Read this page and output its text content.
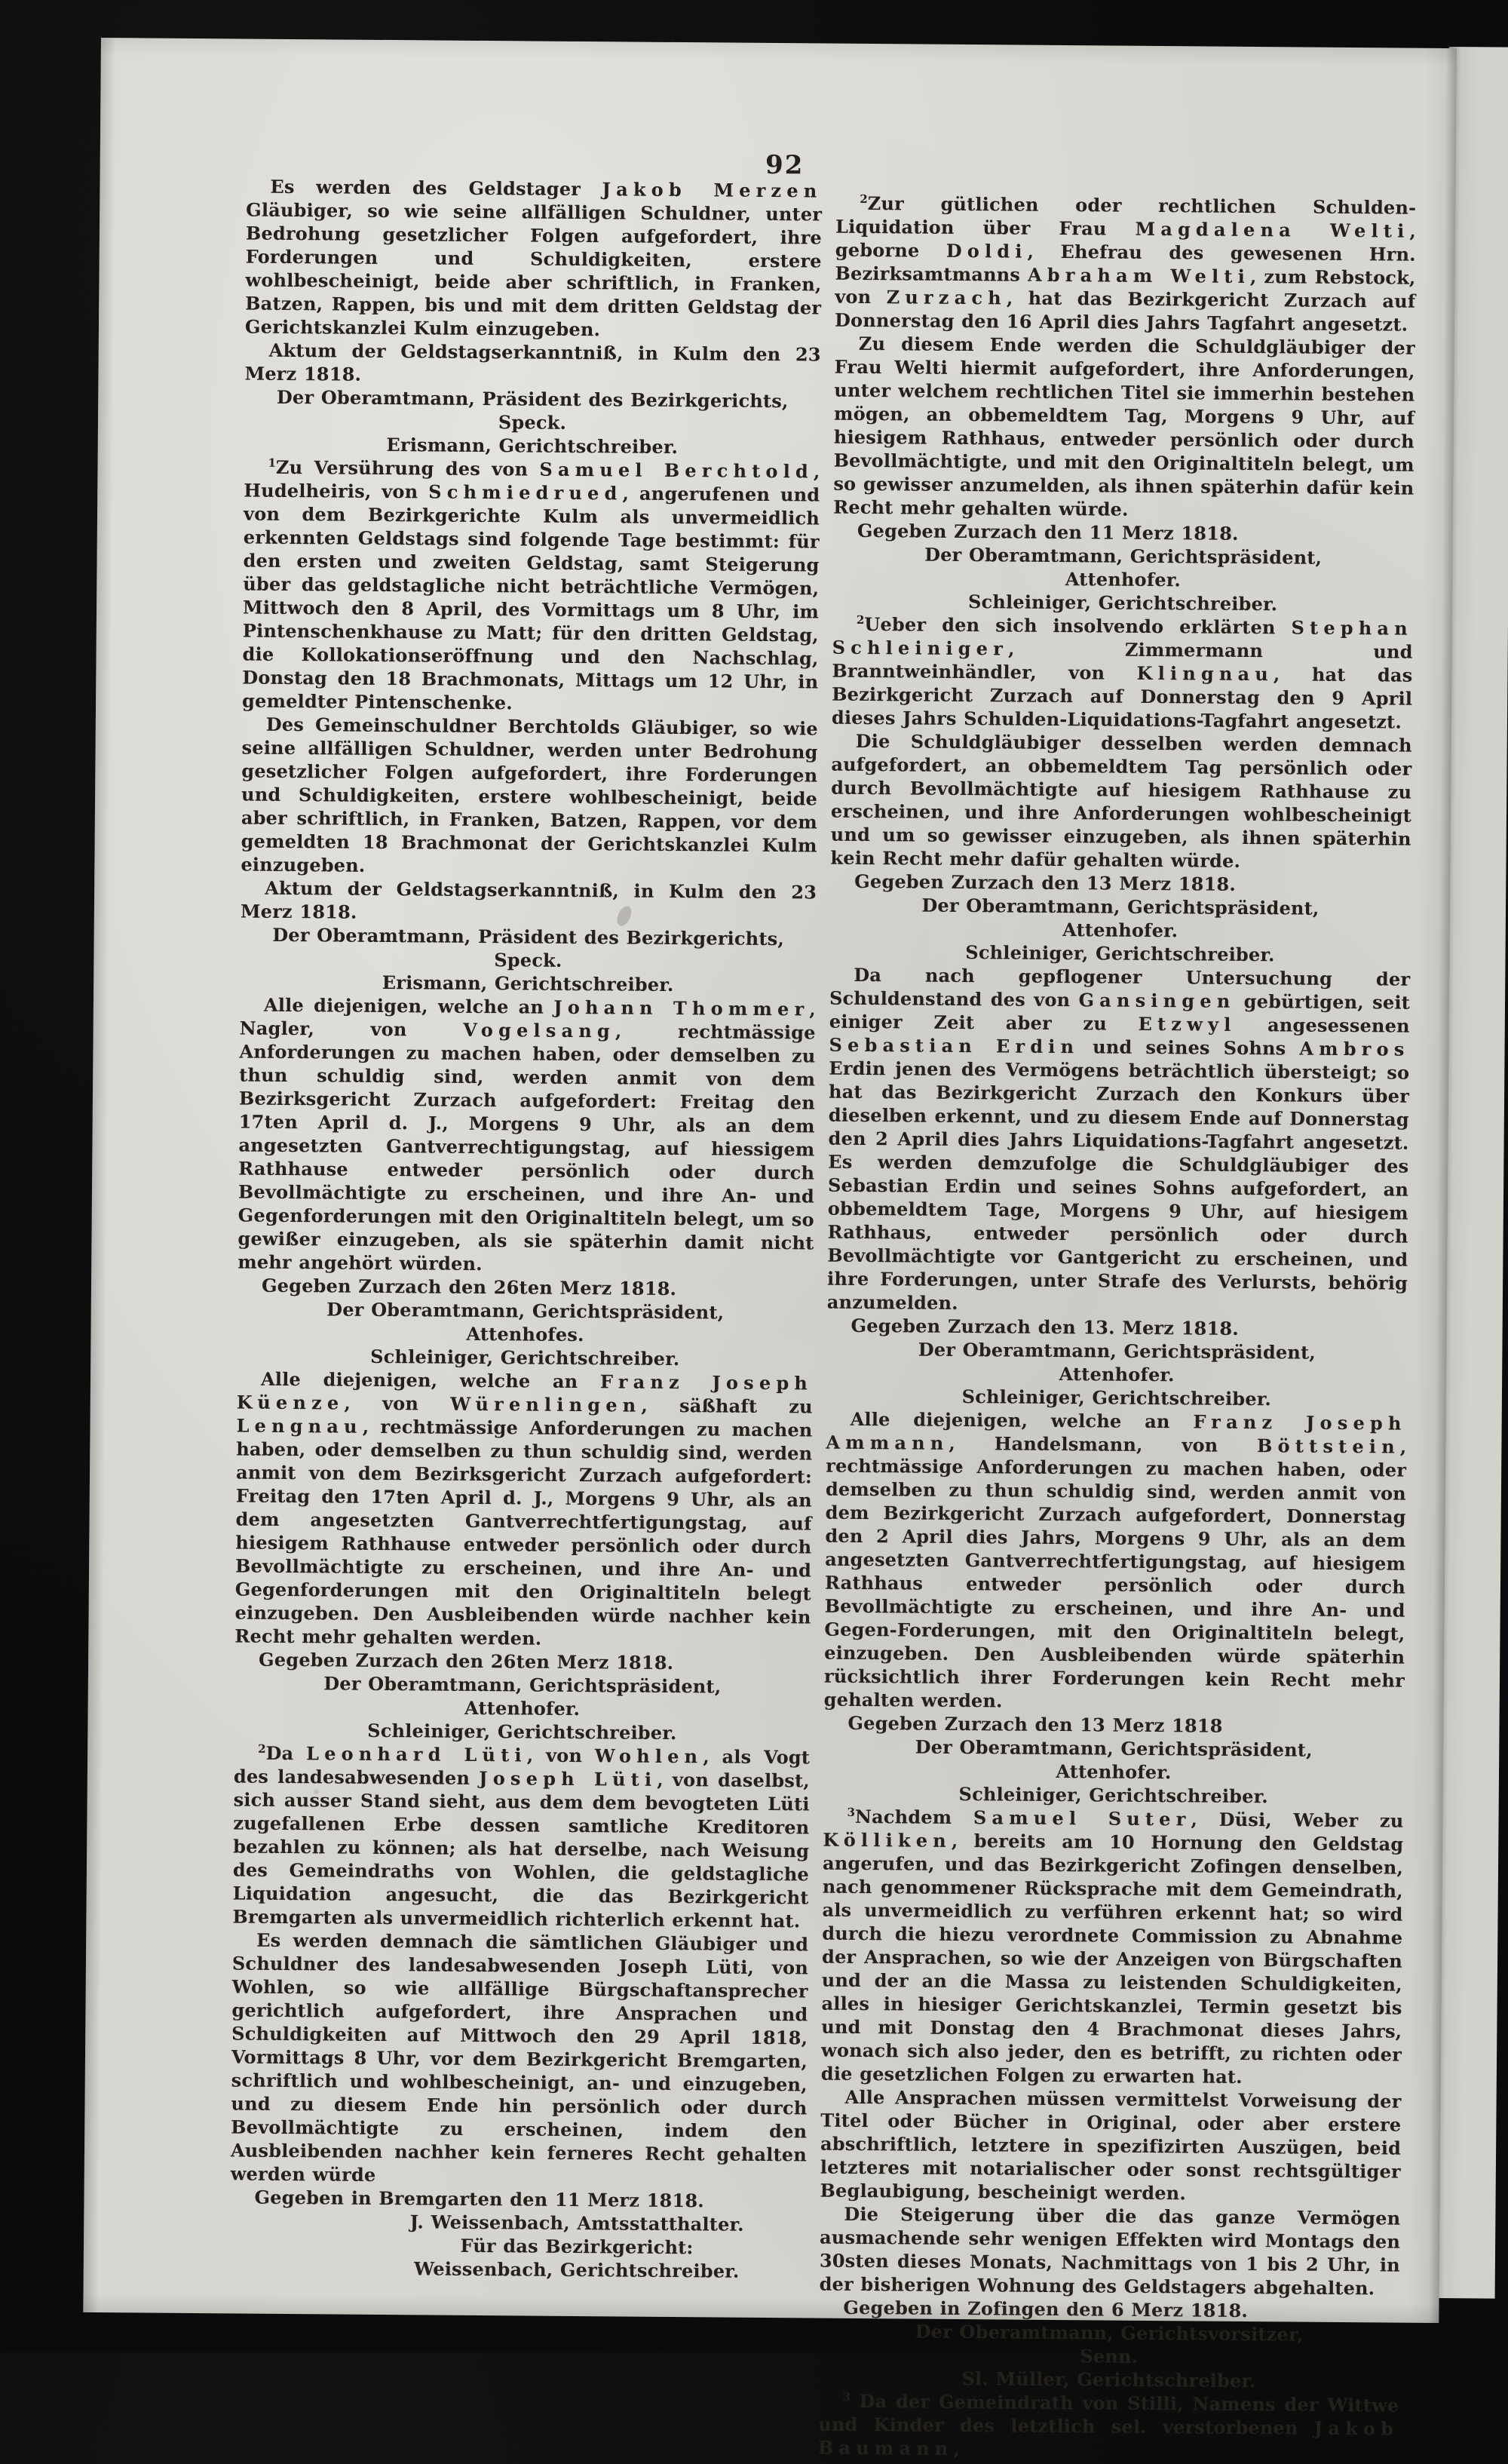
92

Es werden des Geldstager Jakob Merzen Gläubiger, so wie seine allfälligen Schuldner, unter Bedrohung gesetzlicher Folgen aufgefordert, ihre Forderungen und Schuldigkeiten, erstere wohlbescheinigt, beide aber schriftlich, in Franken, Batzen, Rappen, bis und mit dem dritten Geldstag der Gerichtskanzlei Kulm einzugeben.

Aktum der Geldstagserkanntniß, in Kulm den 23 Merz 1818.

Der Oberamtmann, Präsident des Bezirkgerichts,
Speck.
Erismann, Gerichtschreiber.

$^1$Zu Versührung des von Samuel Berchtold, Hudelheiris, von Schmiedrued, angerufenen und von dem Bezirkgerichte Kulm als unvermeidlich erkennten Geldstags sind folgende Tage bestimmt: für den ersten und zweiten Geldstag, samt Steigerung über das geldstagliche nicht beträchtliche Vermögen, Mittwoch den 8 April, des Vormittags um 8 Uhr, im Pintenschenkhause zu Matt; für den dritten Geldstag, die Kollokationseröffnung und den Nachschlag, Donstag den 18 Brachmonats, Mittags um 12 Uhr, in gemeldter Pintenschenke.

Des Gemeinschuldner Berchtolds Gläubiger, so wie seine allfälligen Schuldner, werden unter Bedrohung gesetzlicher Folgen aufgefordert, ihre Forderungen und Schuldigkeiten, erstere wohlbescheinigt, beide aber schriftlich, in Franken, Batzen, Rappen, vor dem gemeldten 18 Brachmonat der Gerichtskanzlei Kulm einzugeben.

Aktum der Geldstagserkanntniß, in Kulm den 23 Merz 1818.

Der Oberamtmann, Präsident des Bezirkgerichts,
Speck.
Erismann, Gerichtschreiber.

Alle diejenigen, welche an Johann Thommer, Nagler, von Vogelsang, rechtmässige Anforderungen zu machen haben, oder demselben zu thun schuldig sind, werden anmit von dem Bezirksgericht Zurzach aufgefordert: Freitag den 17ten April d. J., Morgens 9 Uhr, als an dem angesetzten Gantverrechtigungstag, auf hiessigem Rathhause entweder persönlich oder durch Bevollmächtigte zu erscheinen, und ihre An- und Gegenforderungen mit den Originaltiteln belegt, um so gewißer einzugeben, als sie späterhin damit nicht mehr angehört würden.

Gegeben Zurzach den 26ten Merz 1818.

Der Oberamtmann, Gerichtspräsident,
Attenhofes.
Schleiniger, Gerichtschreiber.

Alle diejenigen, welche an Franz Joseph Küenze, von Würenlingen, säßhaft zu Lengnau, rechtmässige Anforderungen zu machen haben, oder demselben zu thun schuldig sind, werden anmit von dem Bezirksgericht Zurzach aufgefordert: Freitag den 17ten April d. J., Morgens 9 Uhr, als an dem angesetzten Gantverrechtfertigungstag, auf hiesigem Rathhause entweder persönlich oder durch Bevollmächtigte zu erscheinen, und ihre An- und Gegenforderungen mit den Originaltiteln belegt einzugeben. Den Ausbleibenden würde nachher kein Recht mehr gehalten werden.

Gegeben Zurzach den 26ten Merz 1818.

Der Oberamtmann, Gerichtspräsident,
Attenhofer.
Schleiniger, Gerichtschreiber.

$^2$Da Leonhard Lüti, von Wohlen, als Vogt des landesabwesenden Joseph Lüti, von daselbst, sich ausser Stand sieht, aus dem dem bevogteten Lüti zugefallenen Erbe dessen samtliche Kreditoren bezahlen zu können; als hat derselbe, nach Weisung des Gemeindraths von Wohlen, die geldstagliche Liquidation angesucht, die das Bezirkgericht Bremgarten als unvermeidlich richterlich erkennt hat.

Es werden demnach die sämtlichen Gläubiger und Schuldner des landesabwesenden Joseph Lüti, von Wohlen, so wie allfällige Bürgschaftansprecher gerichtlich aufgefordert, ihre Ansprachen und Schuldigkeiten auf Mittwoch den 29 April 1818, Vormittags 8 Uhr, vor dem Bezirkgericht Bremgarten, schriftlich und wohlbescheinigt, an- und einzugeben, und zu diesem Ende hin persönlich oder durch Bevollmächtigte zu erscheinen, indem den Ausbleibenden nachher kein ferneres Recht gehalten werden würde

Gegeben in Bremgarten den 11 Merz 1818.

J. Weissenbach, Amtsstatthalter.
Für das Bezirkgericht:
Weissenbach, Gerichtschreiber.

$^2$Zur gütlichen oder rechtlichen Schulden-Liquidation über Frau Magdalena Welti, geborne Doldi, Ehefrau des gewesenen Hrn. Bezirksamtmanns Abraham Welti, zum Rebstock, von Zurzach, hat das Bezirkgericht Zurzach auf Donnerstag den 16 April dies Jahrs Tagfahrt angesetzt.

Zu diesem Ende werden die Schuldgläubiger der Frau Welti hiermit aufgefordert, ihre Anforderungen, unter welchem rechtlichen Titel sie immerhin bestehen mögen, an obbemeldtem Tag, Morgens 9 Uhr, auf hiesigem Rathhaus, entweder persönlich oder durch Bevollmächtigte, und mit den Originaltiteln belegt, um so gewisser anzumelden, als ihnen späterhin dafür kein Recht mehr gehalten würde.

Gegeben Zurzach den 11 Merz 1818.

Der Oberamtmann, Gerichtspräsident,
Attenhofer.
Schleiniger, Gerichtschreiber.

$^2$Ueber den sich insolvendo erklärten Stephan Schleiniger, Zimmermann und Branntweinhändler, von Klingnau, hat das Bezirkgericht Zurzach auf Donnerstag den 9 April dieses Jahrs Schulden-Liquidations-Tagfahrt angesetzt.

Die Schuldgläubiger desselben werden demnach aufgefordert, an obbemeldtem Tag persönlich oder durch Bevollmächtigte auf hiesigem Rathhause zu erscheinen, und ihre Anforderungen wohlbescheinigt und um so gewisser einzugeben, als ihnen späterhin kein Recht mehr dafür gehalten würde.

Gegeben Zurzach den 13 Merz 1818.

Der Oberamtmann, Gerichtspräsident,
Attenhofer.
Schleiniger, Gerichtschreiber.

Da nach gepflogener Untersuchung der Schuldenstand des von Gansingen gebürtigen, seit einiger Zeit aber zu Etzwyl angesessenen Sebastian Erdin und seines Sohns Ambros Erdin jenen des Vermögens beträchtlich übersteigt; so hat das Bezirkgericht Zurzach den Konkurs über dieselben erkennt, und zu diesem Ende auf Donnerstag den 2 April dies Jahrs Liquidations-Tagfahrt angesetzt. Es werden demzufolge die Schuldgläubiger des Sebastian Erdin und seines Sohns aufgefordert, an obbemeldtem Tage, Morgens 9 Uhr, auf hiesigem Rathhaus, entweder persönlich oder durch Bevollmächtigte vor Gantgericht zu erscheinen, und ihre Forderungen, unter Strafe des Verlursts, behörig anzumelden.

Gegeben Zurzach den 13. Merz 1818.

Der Oberamtmann, Gerichtspräsident,
Attenhofer.
Schleiniger, Gerichtschreiber.

Alle diejenigen, welche an Franz Joseph Ammann, Handelsmann, von Böttstein, rechtmässige Anforderungen zu machen haben, oder demselben zu thun schuldig sind, werden anmit von dem Bezirkgericht Zurzach aufgefordert, Donnerstag den 2 April dies Jahrs, Morgens 9 Uhr, als an dem angesetzten Gantverrechtfertigungstag, auf hiesigem Rathhaus entweder persönlich oder durch Bevollmächtigte zu erscheinen, und ihre An- und Gegen-Forderungen, mit den Originaltiteln belegt, einzugeben. Den Ausbleibenden würde späterhin rücksichtlich ihrer Forderungen kein Recht mehr gehalten werden.

Gegeben Zurzach den 13 Merz 1818

Der Oberamtmann, Gerichtspräsident,
Attenhofer.
Schleiniger, Gerichtschreiber.

$^3$Nachdem Samuel Suter, Düsi, Weber zu Kölliken, bereits am 10 Hornung den Geldstag angerufen, und das Bezirkgericht Zofingen denselben, nach genommener Rücksprache mit dem Gemeindrath, als unvermeidlich zu verführen erkennt hat; so wird durch die hiezu verordnete Commission zu Abnahme der Ansprachen, so wie der Anzeigen von Bürgschaften und der an die Massa zu leistenden Schuldigkeiten, alles in hiesiger Gerichtskanzlei, Termin gesetzt bis und mit Donstag den 4 Brachmonat dieses Jahrs, wonach sich also jeder, den es betrifft, zu richten oder die gesetzlichen Folgen zu erwarten hat.

Alle Ansprachen müssen vermittelst Vorweisung der Titel oder Bücher in Original, oder aber erstere abschriftlich, letztere in spezifizirten Auszügen, beid letzteres mit notarialischer oder sonst rechtsgültiger Beglaubigung, bescheinigt werden.

Die Steigerung über die das ganze Vermögen ausmachende sehr wenigen Effekten wird Montags den 30sten dieses Monats, Nachmittags von 1 bis 2 Uhr, in der bisherigen Wohnung des Geldstagers abgehalten.

Gegeben in Zofingen den 6 Merz 1818.

Der Oberamtmann, Gerichtsvorsitzer,
Senn.
Sl. Müller, Gerichtschreiber.

$^3$ Da der Gemeindrath von Stilli, Namens der Wittwe und Kinder des letztlich sel. verstorbenen Jakob Baumann,
